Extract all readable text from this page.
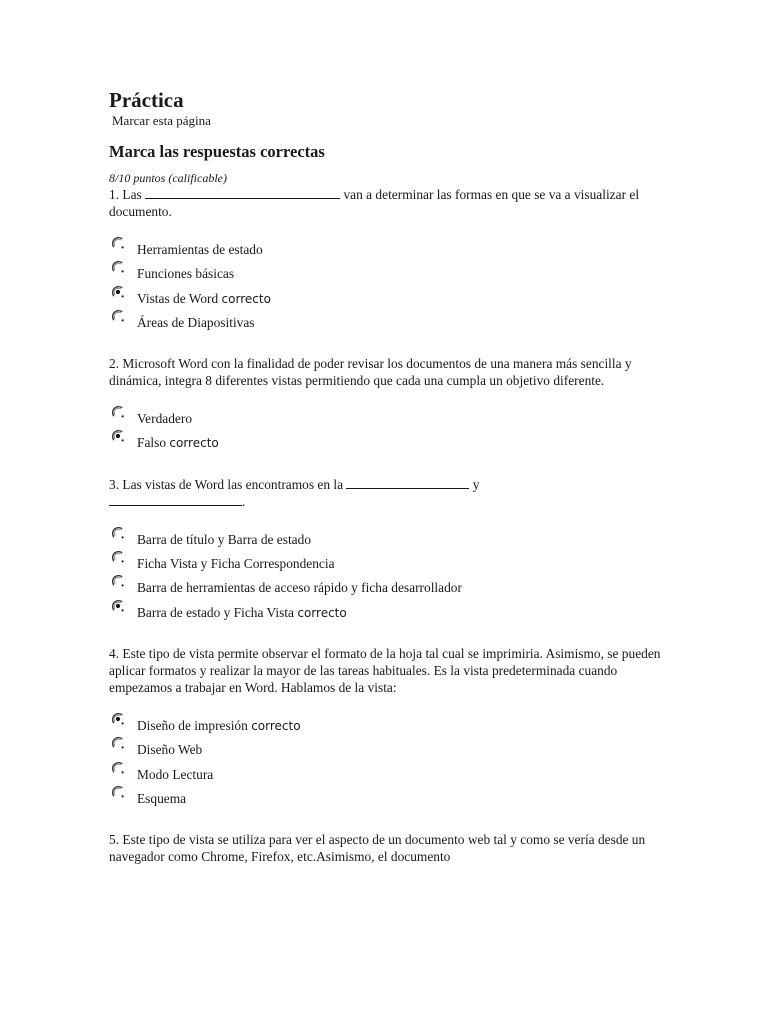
Práctica
Marcar esta página
Marca las respuestas correctas
8/10 puntos (calificable)

1. Las	van a determinar las formas en que se va a visualizar el documento.

Herramientas de estado
Funciones básicas
Vistas de Word correcto
Áreas de Diapositivas

2. Microsoft Word con la finalidad de poder revisar los documentos de una manera más sencilla y dinámica, integra 8 diferentes vistas permitiendo que cada una cumpla un objetivo diferente.

Verdadero
Falso correcto

3. Las vistas de Word las encontramos en la	y
.

Barra de título y Barra de estado
Ficha Vista y Ficha Correspondencia
Barra de herramientas de acceso rápido y ficha desarrollador
Barra de estado y Ficha Vista correcto

4. Este tipo de vista permite observar el formato de la hoja tal cual se imprimiria. Asimismo, se pueden aplicar formatos y realizar la mayor de las tareas habituales. Es la vista predeterminada cuando empezamos a trabajar en Word. Hablamos de la vista:

Diseño de impresión correcto
Diseño Web
Modo Lectura
Esquema

5. Este tipo de vista se utiliza para ver el aspecto de un documento web tal y como se vería desde un navegador como Chrome, Firefox, etc.Asimismo, el documento
